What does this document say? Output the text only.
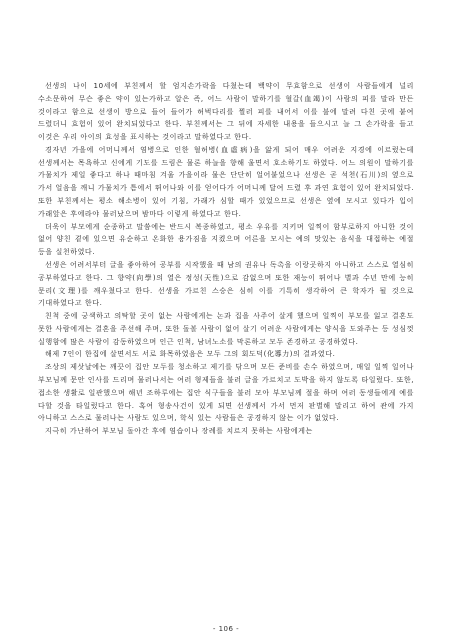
선생의 나이 10세에 부친께서 할 엄지손가락을 다쳤는데 백약이 무효함으로 선생이 사람들에게 널리 수소문하여 무슨 좋은 약이 있는가하고 알은 즉, 어느 사람이 말하기를 혈갈(血竭)이 사람의 피를 말라 만든 것이라고 함으로 선생이 방으로 들어 들어가 허벅다리를 찔러 피를 내어서 이를 불에 말려 다친 곳에 붙여 드렸더니 효험이 있어 완치되었다고 한다. 부친께서는 그 뒤에 자세한 내용을 들으시고 늘 그 손가락을 들고 이것은 우리 아이의 효성을 표시하는 것이라고 말하였다고 한다.

경자년 가을에 어머니께서 염병으로 인한 혈허병(血虛病)을 앓게 되어 매우 어려운 지경에 이르렀는데 선생께서는 목욕하고 신에게 기도를 드림은 물론 하늘을 향해 울면서 호소하기도 하였다. 어느 의원이 말하기를 가물치가 제일 좋다고 하나 때마침 겨울 가을이라 물은 단단히 얼어붙었으나 선생은 곧 석천(石川)의 옆으로 가서 얼음을 깨니 가물치가 틈에서 뛰어나와 이를 얻어다가 어머니께 달여 드렸 후 과연 효험이 있어 완치되었다. 또한 부친께서는 평소 해소병이 있어 기침, 가래가 심할 때가 있었으므로 선생은 옆에 모시고 있다가 입이 가래앞은 후에라야 물러났으며 밤마다 이렇게 하였다고 한다.

더욱이 부모에게 순종하고 말씀에는 반드시 복종하였고, 평소 우유를 지키며 일찍이 함부로하지 아니한 것이 없어 양친 곁에 있으면 유순하고 온화한 용가짐을 지켰으며 어른을 모시는 예의 맛있는 음식을 대접하는 예절 등을 실천하였다.

선생은 어려서부터 글을 좋아하여 공부를 시작했을 때 남의 권유나 독촉을 이랑곳하지 아니하고 스스로 열심히 공부하였다고 한다. 그 향약(向學)의 열은 정성(天性)으로 감없으며 또한 재능이 뛰어나 별과 수년 만에 능히 문리(文理)를 깨우쳤다고 한다. 선생을 가르친 스승은 심히 이를 기특히 생각하여 큰 학자가 될 것으로 기대하였다고 한다.

친척 중에 궁색하고 의탁할 곳이 없는 사람에게는 논과 집을 사주어 살게 했으며 일찍이 부모를 잃고 결혼도 못한 사람에게는 결혼을 주선해 주며, 또한 돌볼 사람이 없어 살기 어려운 사람에게는 양식을 도와주는 등 성심껏 실행함에 많은 사람이 감동하였으며 인근 인척, 남녀노소를 막론하고 모두 존경하고 공경하였다.

해제 7인이 한집에 살면서도 서로 화목하였음은 모두 그의 회도덕(化導力)의 결과였다.

조상의 제삿날에는 깨끗이 집안 모두를 청소하고 제기를 닦으며 모든 준비를 손수 하였으며, 매일 일찍 일어나 부모님께 문안 인사를 드리며 물러나서는 여러 형제들을 불러 글을 가르치고 도박을 하지 않도록 타일렀다. 또한, 접소한 생활로 일관했으며 해년 조하루에는 집안 식구들을 불러 모아 부모님께 절을 하며 여러 동생들에게 예를 다할 것을 타일렀다고 한다. 혹여 형송사건이 있게 되면 선생께서 가서 먼저 판별해 말리고 하여 관에 가지 아니하고 스스로 물러나는 사람도 있으며, 학식 있는 사람들은 공경하지 않는 이가 없었다.

지극히 가난하여 부모님 돌아간 후에 염습이나 장례를 치르지 못하는 사람에게는

- 106 -
